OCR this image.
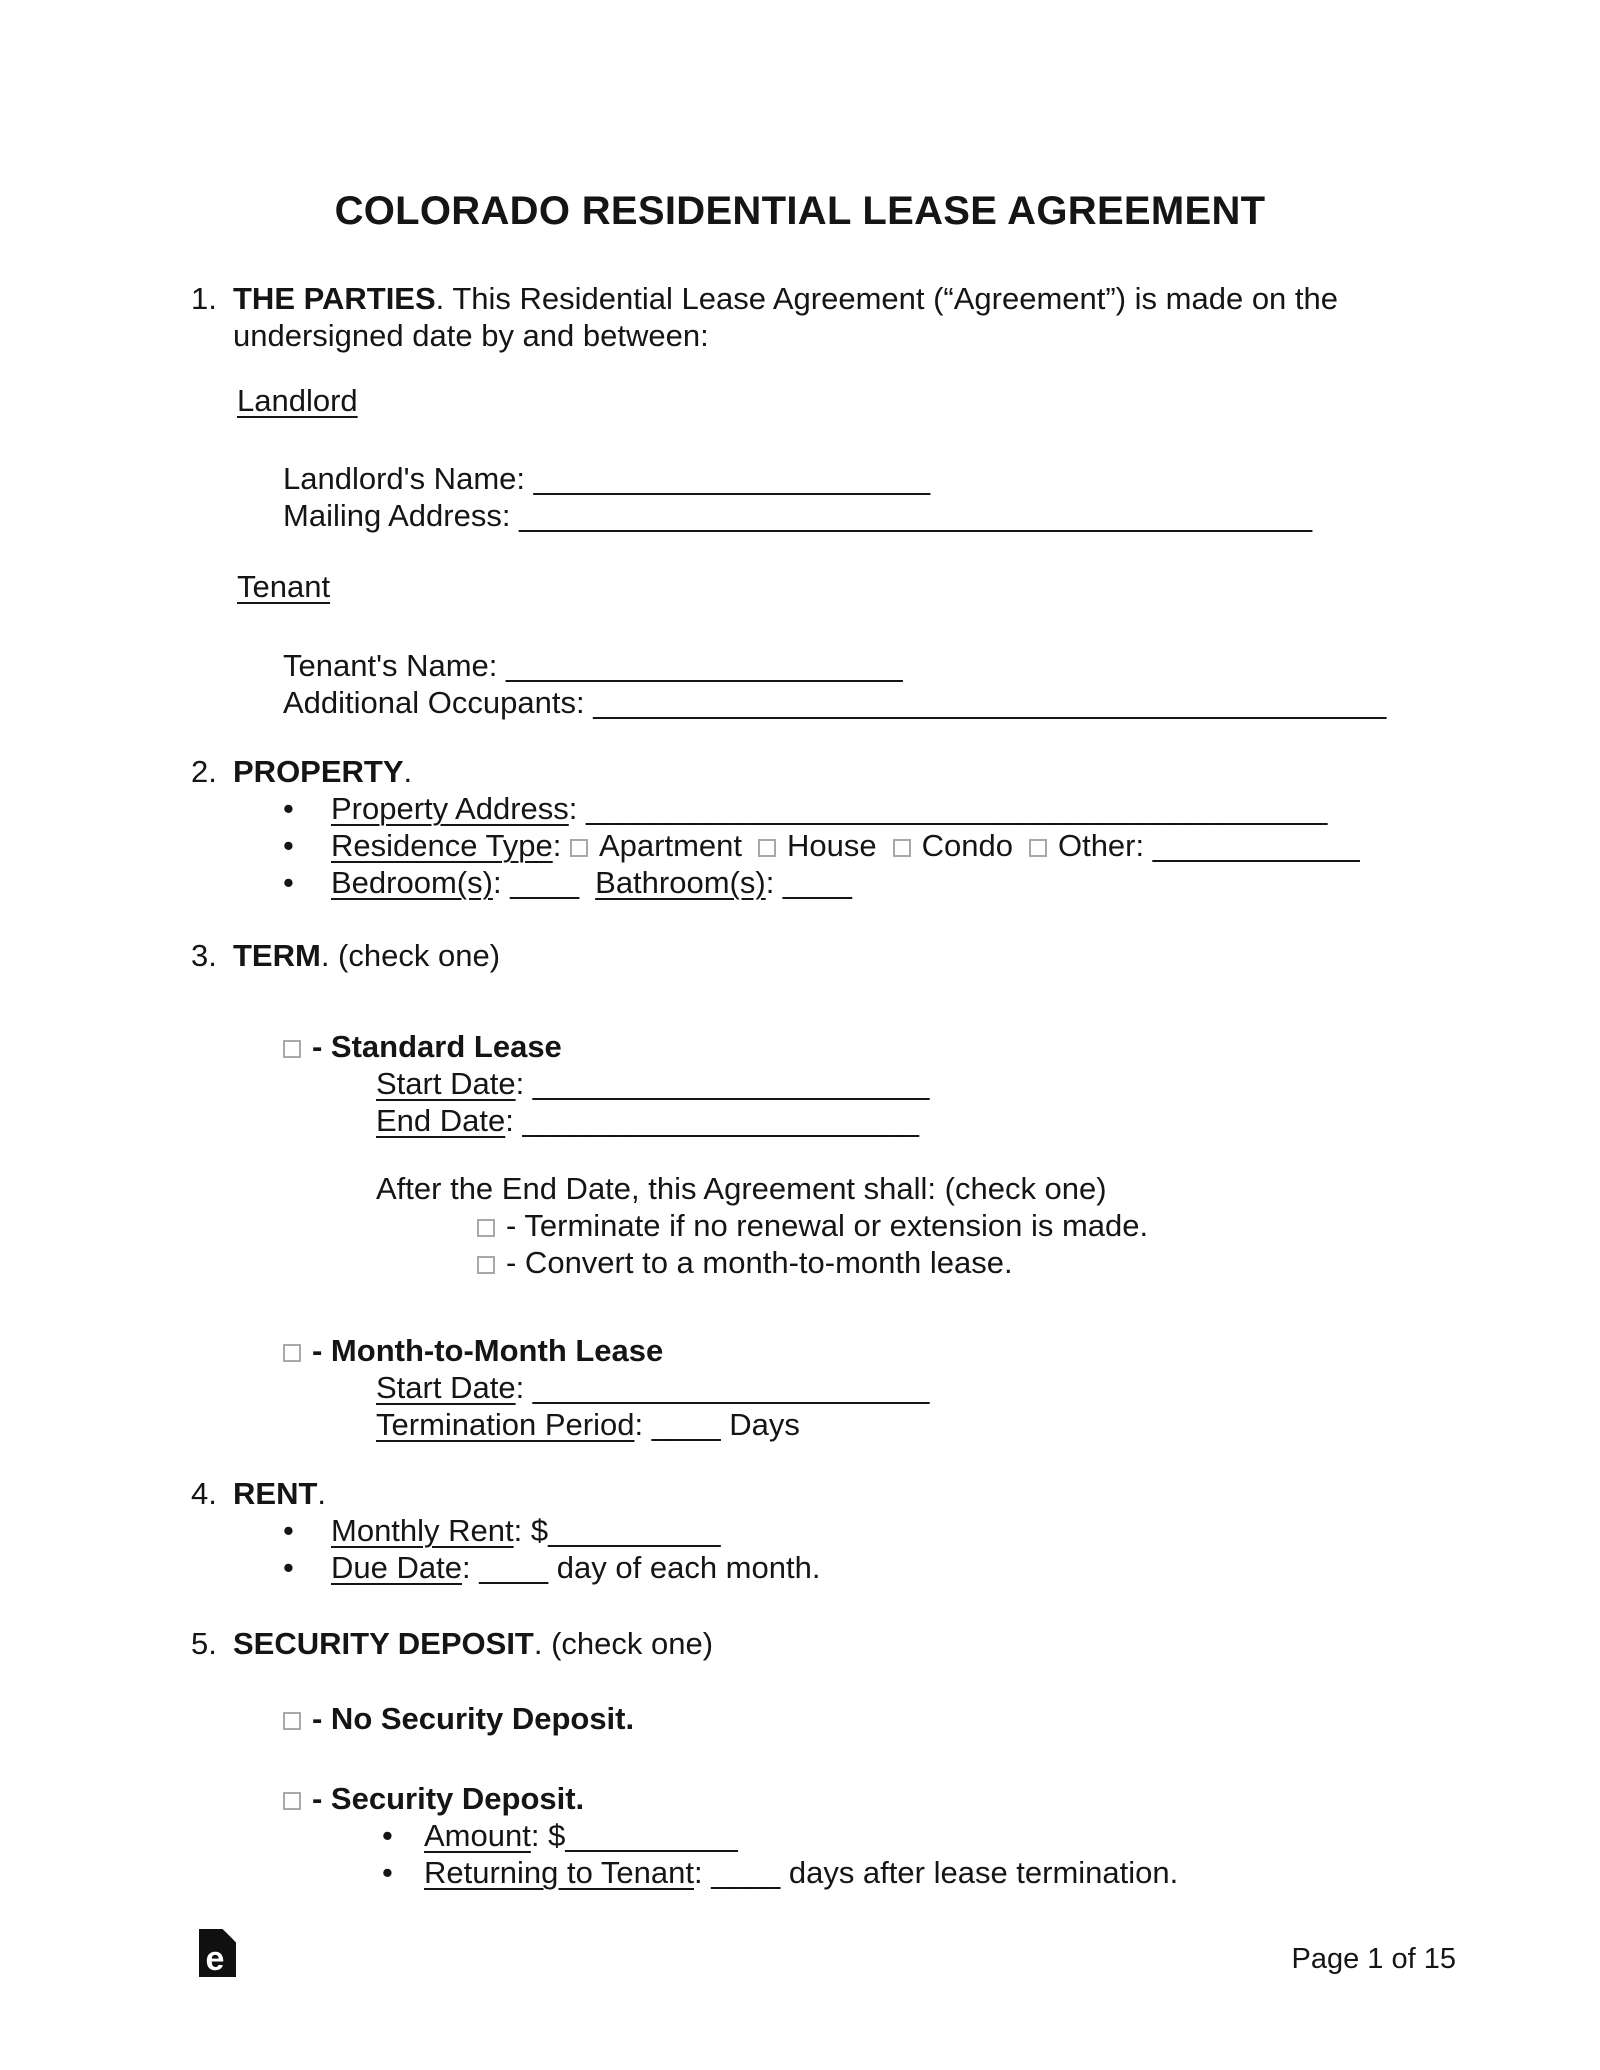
COLORADO RESIDENTIAL LEASE AGREEMENT
1. THE PARTIES. This Residential Lease Agreement (“Agreement”) is made on the
undersigned date by and between:
Landlord
Landlord's Name: _______________________
Mailing Address: ______________________________________________
Tenant
Tenant's Name: _______________________
Additional Occupants: ______________________________________________
2. PROPERTY.
•	Property Address: ___________________________________________
•	Residence Type: Apartment House Condo Other: ____________
•	Bedroom(s): ____ Bathroom(s): ____
3. TERM. (check one)
- Standard Lease
Start Date: _______________________
End Date: _______________________
After the End Date, this Agreement shall: (check one)
- Terminate if no renewal or extension is made.
- Convert to a month-to-month lease.
- Month-to-Month Lease
Start Date: _______________________
Termination Period: ____ Days
4. RENT.
•	Monthly Rent: $__________
•	Due Date: ____ day of each month.
5. SECURITY DEPOSIT. (check one)
- No Security Deposit.
- Security Deposit.
•	Amount: $__________
•	Returning to Tenant: ____ days after lease termination.
e	Page 1 of 15
